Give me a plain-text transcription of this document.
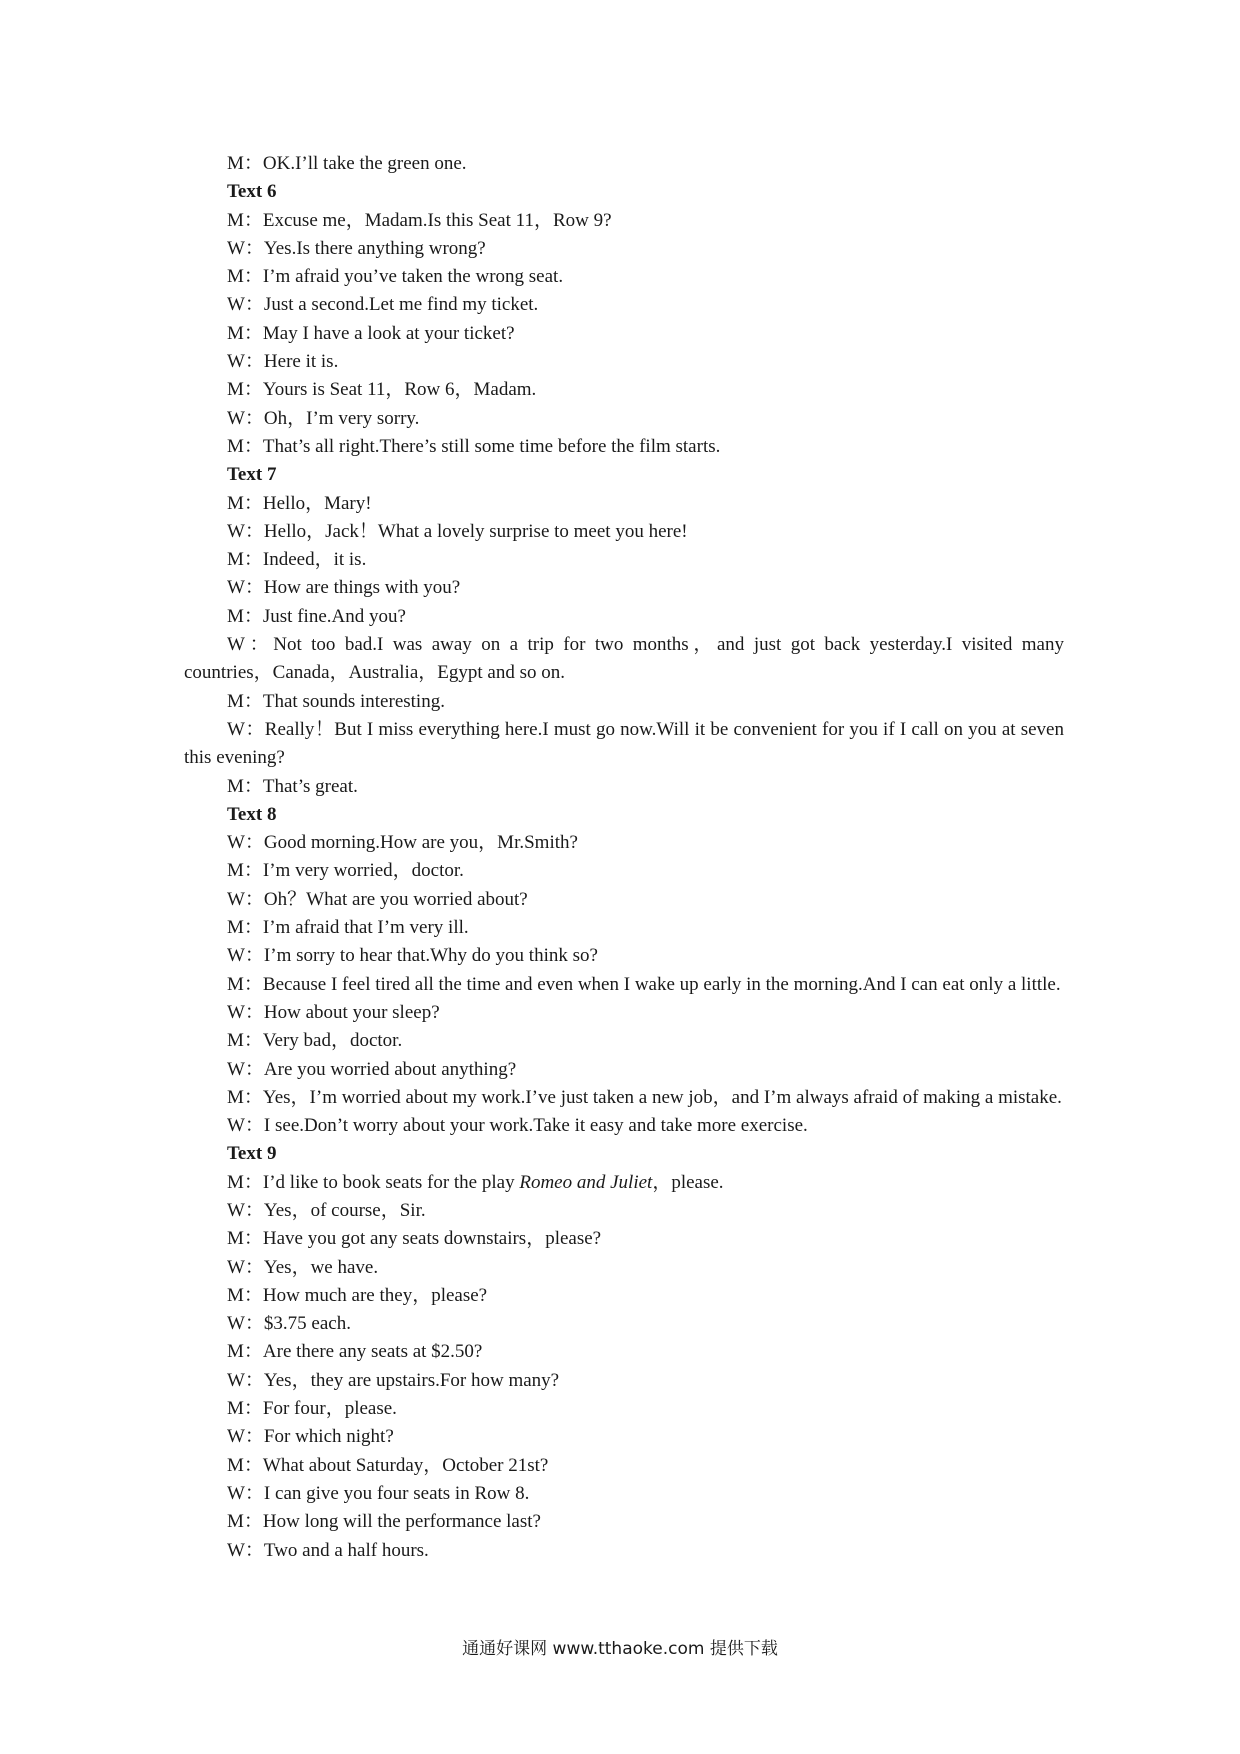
M：OK.I’ll take the green one.
Text 6
M：Excuse me，Madam.Is this Seat 11，Row 9?
W：Yes.Is there anything wrong?
M：I’m afraid you’ve taken the wrong seat.
W：Just a second.Let me find my ticket.
M：May I have a look at your ticket?
W：Here it is.
M：Yours is Seat 11，Row 6，Madam.
W：Oh，I’m very sorry.
M：That’s all right.There’s still some time before the film starts.
Text 7
M：Hello，Mary!
W：Hello，Jack！What a lovely surprise to meet you here!
M：Indeed，it is.
W：How are things with you?
M：Just fine.And you?
W：Not too bad.I was away on a trip for two months，and just got back yesterday.I visited many countries，Canada，Australia，Egypt and so on.
M：That sounds interesting.
W：Really！But I miss everything here.I must go now.Will it be convenient for you if I call on you at seven this evening?
M：That’s great.
Text 8
W：Good morning.How are you，Mr.Smith?
M：I’m very worried，doctor.
W：Oh？What are you worried about?
M：I’m afraid that I’m very ill.
W：I’m sorry to hear that.Why do you think so?
M：Because I feel tired all the time and even when I wake up early in the morning.And I can eat only a little.
W：How about your sleep?
M：Very bad，doctor.
W：Are you worried about anything?
M：Yes，I’m worried about my work.I’ve just taken a new job，and I’m always afraid of making a mistake.
W：I see.Don’t worry about your work.Take it easy and take more exercise.
Text 9
M：I’d like to book seats for the play Romeo and Juliet，please.
W：Yes，of course，Sir.
M：Have you got any seats downstairs，please?
W：Yes，we have.
M：How much are they，please?
W：$3.75 each.
M：Are there any seats at $2.50?
W：Yes，they are upstairs.For how many?
M：For four，please.
W：For which night?
M：What about Saturday，October 21st?
W：I can give you four seats in Row 8.
M：How long will the performance last?
W：Two and a half hours.
通通好课网 www.tthaoke.com 提供下载
